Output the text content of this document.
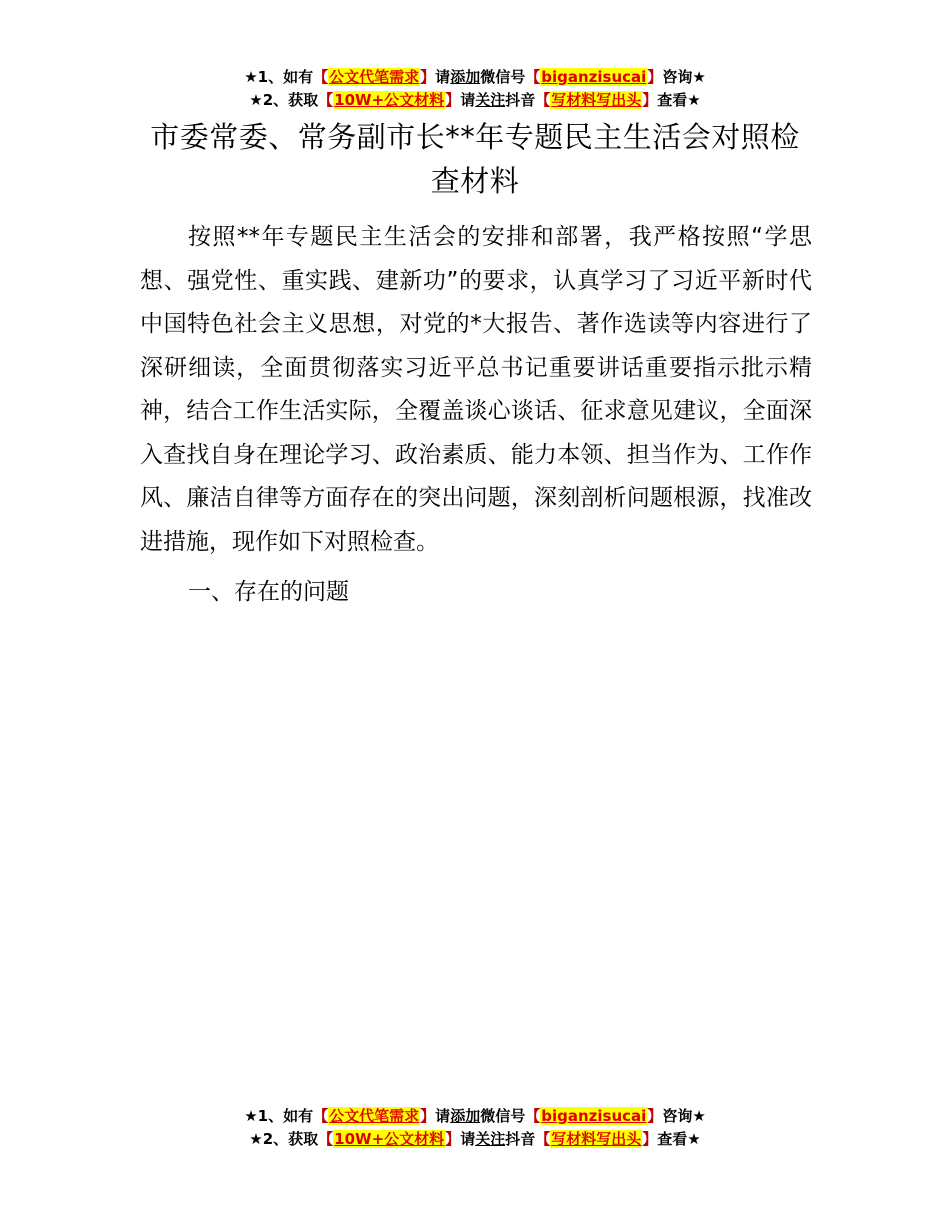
★1、如有【公文代笔需求】请添加微信号【biganzisucai】咨询★
★2、获取【10W+公文材料】请关注抖音【写材料写出头】查看★
市委常委、常务副市长**年专题民主生活会对照检查材料
按照**年专题民主生活会的安排和部署，我严格按照“学思想、强党性、重实践、建新功”的要求，认真学习了习近平新时代中国特色社会主义思想，对党的*大报告、著作选读等内容进行了深研细读，全面贯彻落实习近平总书记重要讲话重要指示批示精神，结合工作生活实际，全覆盖谈心谈话、征求意见建议，全面深入查找自身在理论学习、政治素质、能力本领、担当作为、工作作风、廉洁自律等方面存在的突出问题，深刻剖析问题根源，找准改进措施，现作如下对照检查。
一、存在的问题
★1、如有【公文代笔需求】请添加微信号【biganzisucai】咨询★
★2、获取【10W+公文材料】请关注抖音【写材料写出头】查看★
